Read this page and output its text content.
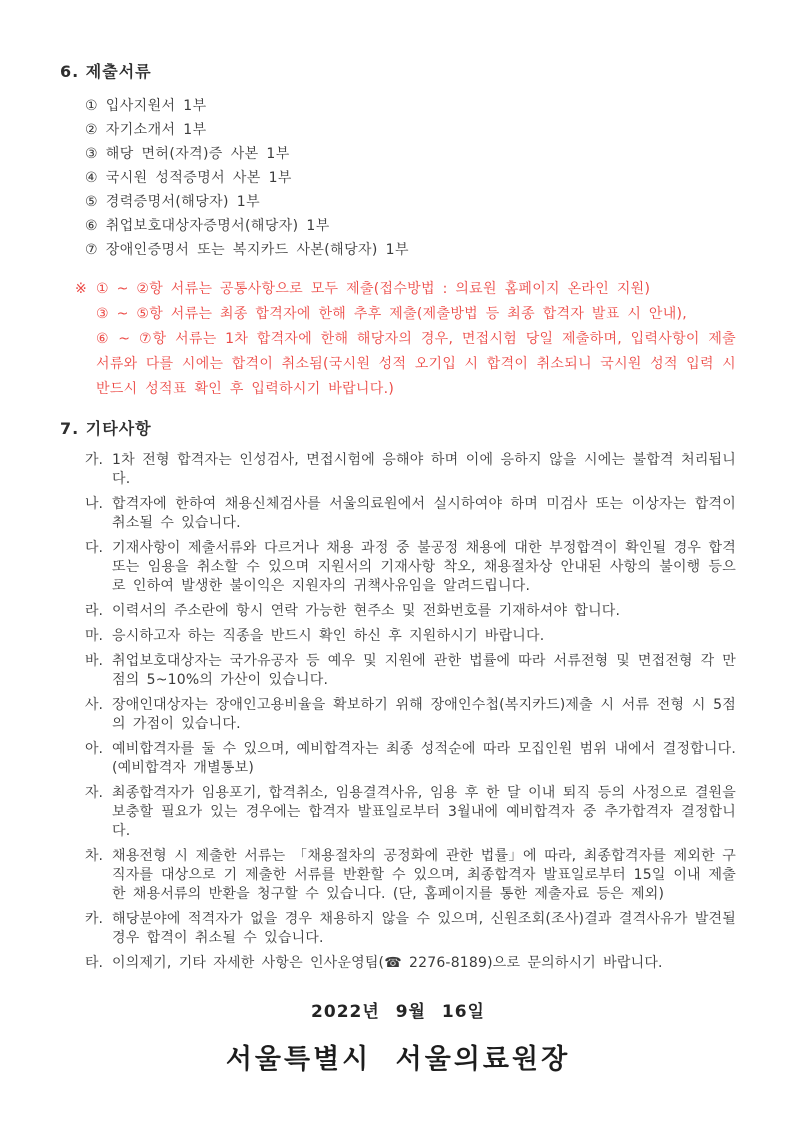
6. 제출서류
① 입사지원서 1부
② 자기소개서 1부
③ 해당 면허(자격)증 사본 1부
④ 국시원 성적증명서 사본 1부
⑤ 경력증명서(해당자) 1부
⑥ 취업보호대상자증명서(해당자) 1부
⑦ 장애인증명서 또는 복지카드 사본(해당자) 1부
※ ① ~ ②항 서류는 공통사항으로 모두 제출(접수방법 : 의료원 홈페이지 온라인 지원)
③ ~ ⑤항 서류는 최종 합격자에 한해 추후 제출(제출방법 등 최종 합격자 발표 시 안내),
⑥ ~ ⑦항 서류는 1차 합격자에 한해 해당자의 경우, 면접시험 당일 제출하며, 입력사항이 제출서류와 다를 시에는 합격이 취소됨(국시원 성적 오기입 시 합격이 취소되니 국시원 성적 입력 시 반드시 성적표 확인 후 입력하시기 바랍니다.)
7. 기타사항
가. 1차 전형 합격자는 인성검사, 면접시험에 응해야 하며 이에 응하지 않을 시에는 불합격 처리됩니다.
나. 합격자에 한하여 채용신체검사를 서울의료원에서 실시하여야 하며 미검사 또는 이상자는 합격이 취소될 수 있습니다.
다. 기재사항이 제출서류와 다르거나 채용 과정 중 불공정 채용에 대한 부정합격이 확인될 경우 합격 또는 임용을 취소할 수 있으며 지원서의 기재사항 착오, 채용절차상 안내된 사항의 불이행 등으로 인하여 발생한 불이익은 지원자의 귀책사유임을 알려드립니다.
라. 이력서의 주소란에 항시 연락 가능한 현주소 및 전화번호를 기재하셔야 합니다.
마. 응시하고자 하는 직종을 반드시 확인 하신 후 지원하시기 바랍니다.
바. 취업보호대상자는 국가유공자 등 예우 및 지원에 관한 법률에 따라 서류전형 및 면접전형 각 만점의 5~10%의 가산이 있습니다.
사. 장애인대상자는 장애인고용비율을 확보하기 위해 장애인수첩(복지카드)제출 시 서류 전형 시 5점의 가점이 있습니다.
아. 예비합격자를 둘 수 있으며, 예비합격자는 최종 성적순에 따라 모집인원 범위 내에서 결정합니다. (예비합격자 개별통보)
자. 최종합격자가 임용포기, 합격취소, 임용결격사유, 임용 후 한 달 이내 퇴직 등의 사정으로 결원을 보충할 필요가 있는 경우에는 합격자 발표일로부터 3월내에 예비합격자 중 추가합격자 결정합니다.
차. 채용전형 시 제출한 서류는 「채용절차의 공정화에 관한 법률」에 따라, 최종합격자를 제외한 구직자를 대상으로 기 제출한 서류를 반환할 수 있으며, 최종합격자 발표일로부터 15일 이내 제출한 채용서류의 반환을 청구할 수 있습니다. (단, 홈페이지를 통한 제출자료 등은 제외)
카. 해당분야에 적격자가 없을 경우 채용하지 않을 수 있으며, 신원조회(조사)결과 결격사유가 발견될 경우 합격이 취소될 수 있습니다.
타. 이의제기, 기타 자세한 사항은 인사운영팀(☎ 2276-8189)으로 문의하시기 바랍니다.
2022년 9월 16일
서울특별시 서울의료원장
